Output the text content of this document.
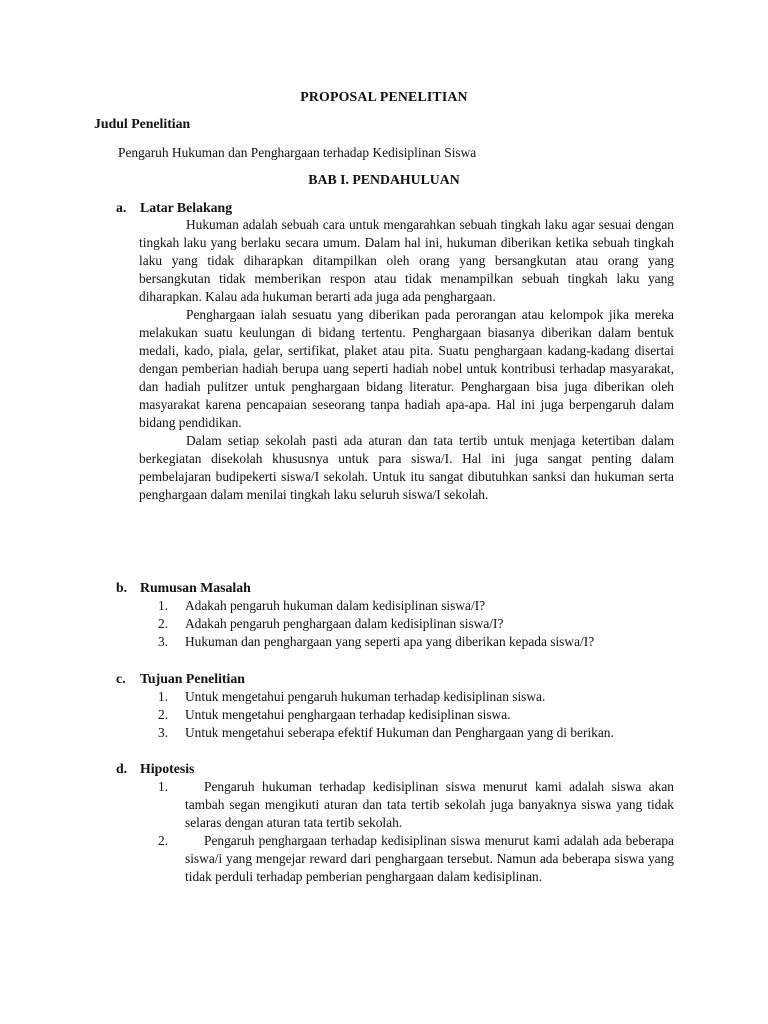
PROPOSAL PENELITIAN
Judul Penelitian
Pengaruh Hukuman dan Penghargaan terhadap Kedisiplinan Siswa
BAB I. PENDAHULUAN
a. Latar Belakang

Hukuman adalah sebuah cara untuk mengarahkan sebuah tingkah laku agar sesuai dengan tingkah laku yang berlaku secara umum. Dalam hal ini, hukuman diberikan ketika sebuah tingkah laku yang tidak diharapkan ditampilkan oleh orang yang bersangkutan atau orang yang bersangkutan tidak memberikan respon atau tidak menampilkan sebuah tingkah laku yang diharapkan. Kalau ada hukuman berarti ada juga ada penghargaan.

Penghargaan ialah sesuatu yang diberikan pada perorangan atau kelompok jika mereka melakukan suatu keulungan di bidang tertentu. Penghargaan biasanya diberikan dalam bentuk medali, kado, piala, gelar, sertifikat, plaket atau pita. Suatu penghargaan kadang-kadang disertai dengan pemberian hadiah berupa uang seperti hadiah nobel untuk kontribusi terhadap masyarakat, dan hadiah pulitzer untuk penghargaan bidang literatur. Penghargaan bisa juga diberikan oleh masyarakat karena pencapaian seseorang tanpa hadiah apa-apa. Hal ini juga berpengaruh dalam bidang pendidikan.

Dalam setiap sekolah pasti ada aturan dan tata tertib untuk menjaga ketertiban dalam berkegiatan disekolah khususnya untuk para siswa/I. Hal ini juga sangat penting dalam pembelajaran budipekerti siswa/I sekolah. Untuk itu sangat dibutuhkan sanksi dan hukuman serta penghargaan dalam menilai tingkah laku seluruh siswa/I sekolah.

b. Rumusan Masalah
1.	Adakah pengaruh hukuman dalam kedisiplinan siswa/I?
2.	Adakah pengaruh penghargaan dalam kedisiplinan siswa/I?
3.	Hukuman dan penghargaan yang seperti apa yang diberikan kepada siswa/I?
c.	Tujuan Penelitian
1.	Untuk mengetahui pengaruh hukuman terhadap kedisiplinan siswa.
2.	Untuk mengetahui penghargaan terhadap kedisiplinan siswa.
3.	Untuk mengetahui seberapa efektif Hukuman dan Penghargaan yang di berikan.
d. Hipotesis
1.	Pengaruh hukuman terhadap kedisiplinan siswa menurut kami adalah siswa akan tambah segan mengikuti aturan dan tata tertib sekolah juga banyaknya siswa yang tidak selaras dengan aturan tata tertib sekolah.
2.	Pengaruh penghargaan terhadap kedisiplinan siswa menurut kami adalah ada beberapa siswa/i yang mengejar reward dari penghargaan tersebut. Namun ada beberapa siswa yang tidak perduli terhadap pemberian penghargaan dalam kedisiplinan.
